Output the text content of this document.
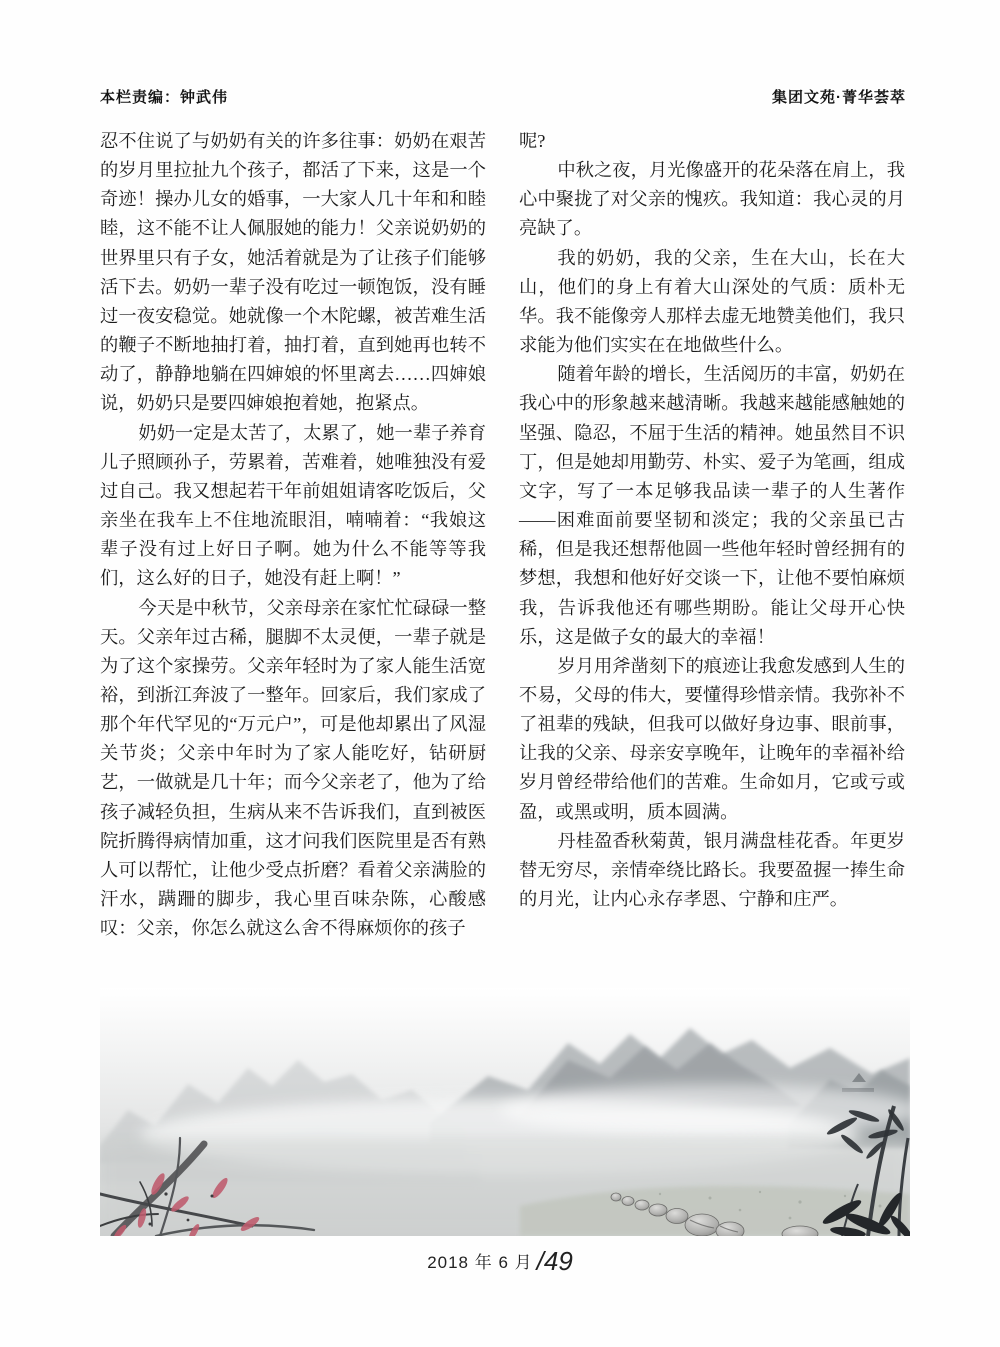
本栏责编：钟武伟	集团文苑·菁华荟萃

忍不住说了与奶奶有关的许多往事：奶奶在艰苦的岁月里拉扯九个孩子，都活了下来，这是一个奇迹！操办儿女的婚事，一大家人几十年和和睦睦，这不能不让人佩服她的能力！父亲说奶奶的世界里只有子女，她活着就是为了让孩子们能够活下去。奶奶一辈子没有吃过一顿饱饭，没有睡过一夜安稳觉。她就像一个木陀螺，被苦难生活的鞭子不断地抽打着，抽打着，直到她再也转不动了，静静地躺在四婶娘的怀里离去……四婶娘说，奶奶只是要四婶娘抱着她，抱紧点。

奶奶一定是太苦了，太累了，她一辈子养育儿子照顾孙子，劳累着，苦难着，她唯独没有爱过自己。我又想起若干年前姐姐请客吃饭后，父亲坐在我车上不住地流眼泪，喃喃着：“我娘这辈子没有过上好日子啊。她为什么不能等等我们，这么好的日子，她没有赶上啊！”

今天是中秋节，父亲母亲在家忙忙碌碌一整天。父亲年过古稀，腿脚不太灵便，一辈子就是为了这个家操劳。父亲年轻时为了家人能生活宽裕，到浙江奔波了一整年。回家后，我们家成了那个年代罕见的“万元户”，可是他却累出了风湿关节炎；父亲中年时为了家人能吃好，钻研厨艺，一做就是几十年；而今父亲老了，他为了给孩子减轻负担，生病从来不告诉我们，直到被医院折腾得病情加重，这才问我们医院里是否有熟人可以帮忙，让他少受点折磨？看着父亲满脸的汗水，蹒跚的脚步，我心里百味杂陈，心酸感叹：父亲，你怎么就这么舍不得麻烦你的孩子

呢?

中秋之夜，月光像盛开的花朵落在肩上，我心中聚拢了对父亲的愧疚。我知道：我心灵的月亮缺了。

我的奶奶，我的父亲，生在大山，长在大山，他们的身上有着大山深处的气质：质朴无华。我不能像旁人那样去虚无地赞美他们，我只求能为他们实实在在地做些什么。

随着年龄的增长，生活阅历的丰富，奶奶在我心中的形象越来越清晰。我越来越能感触她的坚强、隐忍，不屈于生活的精神。她虽然目不识丁，但是她却用勤劳、朴实、爱子为笔画，组成文字，写了一本足够我品读一辈子的人生著作——困难面前要坚韧和淡定；我的父亲虽已古稀，但是我还想帮他圆一些他年轻时曾经拥有的梦想，我想和他好好交谈一下，让他不要怕麻烦我，告诉我他还有哪些期盼。能让父母开心快乐，这是做子女的最大的幸福！

岁月用斧凿刻下的痕迹让我愈发感到人生的不易，父母的伟大，要懂得珍惜亲情。我弥补不了祖辈的残缺，但我可以做好身边事、眼前事，让我的父亲、母亲安享晚年，让晚年的幸福补给岁月曾经带给他们的苦难。生命如月，它或亏或盈，或黑或明，质本圆满。

丹桂盈香秋菊黄，银月满盘桂花香。年更岁替无穷尽，亲情牵绕比路长。我要盈握一捧生命的月光，让内心永存孝恩、宁静和庄严。

2018 年 6 月 /49
